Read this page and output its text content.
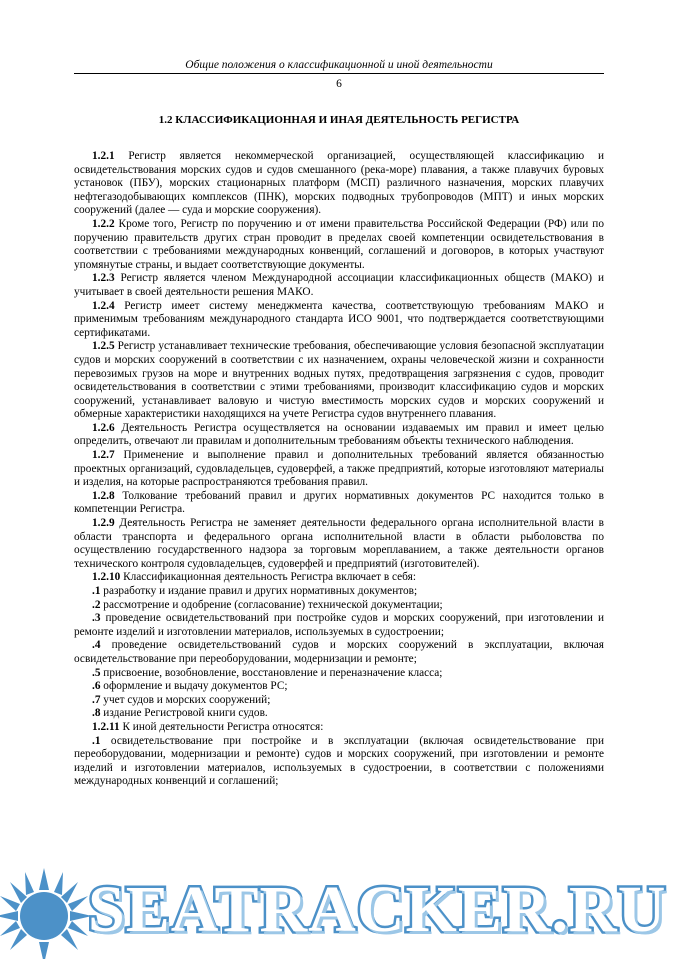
Общие положения о классификационной и иной деятельности
6
1.2 КЛАССИФИКАЦИОННАЯ И ИНАЯ ДЕЯТЕЛЬНОСТЬ РЕГИСТРА

1.2.1 Регистр является некоммерческой организацией, осуществляющей классификацию и освидетельствования морских судов и судов смешанного (река-море) плавания, а также плавучих буровых установок (ПБУ), морских стационарных платформ (МСП) различного назначения, морских плавучих нефтегазодобывающих комплексов (ПНК), морских подводных трубопроводов (МПТ) и иных морских сооружений (далее — суда и морские сооружения).

1.2.2 Кроме того, Регистр по поручению и от имени правительства Российской Федерации (РФ) или по поручению правительств других стран проводит в пределах своей компетенции освидетельствования в соответствии с требованиями международных конвенций, соглашений и договоров, в которых участвуют упомянутые страны, и выдает соответствующие документы.

1.2.3 Регистр является членом Международной ассоциации классификационных обществ (МАКО) и учитывает в своей деятельности решения МАКО.

1.2.4 Регистр имеет систему менеджмента качества, соответствующую требованиям МАКО и применимым требованиям международного стандарта ИСО 9001, что подтверждается соответствующими сертификатами.

1.2.5 Регистр устанавливает технические требования, обеспечивающие условия безопасной эксплуатации судов и морских сооружений в соответствии с их назначением, охраны человеческой жизни и сохранности перевозимых грузов на море и внутренних водных путях, предотвращения загрязнения с судов, проводит освидетельствования в соответствии с этими требованиями, производит классификацию судов и морских сооружений, устанавливает валовую и чистую вместимость морских судов и морских сооружений и обмерные характеристики находящихся на учете Регистра судов внутреннего плавания.

1.2.6 Деятельность Регистра осуществляется на основании издаваемых им правил и имеет целью определить, отвечают ли правилам и дополнительным требованиям объекты технического наблюдения.

1.2.7 Применение и выполнение правил и дополнительных требований является обязанностью проектных организаций, судовладельцев, судоверфей, а также предприятий, которые изготовляют материалы и изделия, на которые распространяются требования правил.

1.2.8 Толкование требований правил и других нормативных документов РС находится только в компетенции Регистра.

1.2.9 Деятельность Регистра не заменяет деятельности федерального органа исполнительной власти в области транспорта и федерального органа исполнительной власти в области рыболовства по осуществлению государственного надзора за торговым мореплаванием, а также деятельности органов технического контроля судовладельцев, судоверфей и предприятий (изготовителей).

1.2.10 Классификационная деятельность Регистра включает в себя:

.1 разработку и издание правил и других нормативных документов;

.2 рассмотрение и одобрение (согласование) технической документации;

.3 проведение освидетельствований при постройке судов и морских сооружений, при изготовлении и ремонте изделий и изготовлении материалов, используемых в судостроении;

.4 проведение освидетельствований судов и морских сооружений в эксплуатации, включая освидетельствование при переоборудовании, модернизации и ремонте;

.5 присвоение, возобновление, восстановление и переназначение класса;

.6 оформление и выдачу документов РС;

.7 учет судов и морских сооружений;

.8 издание Регистровой книги судов.

1.2.11 К иной деятельности Регистра относятся:

.1 освидетельствование при постройке и в эксплуатации (включая освидетельствование при переоборудовании, модернизации и ремонте) судов и морских сооружений, при изготовлении и ремонте изделий и изготовлении материалов, используемых в судостроении, в соответствии с положениями международных конвенций и соглашений;

SEATRACKER.RU
